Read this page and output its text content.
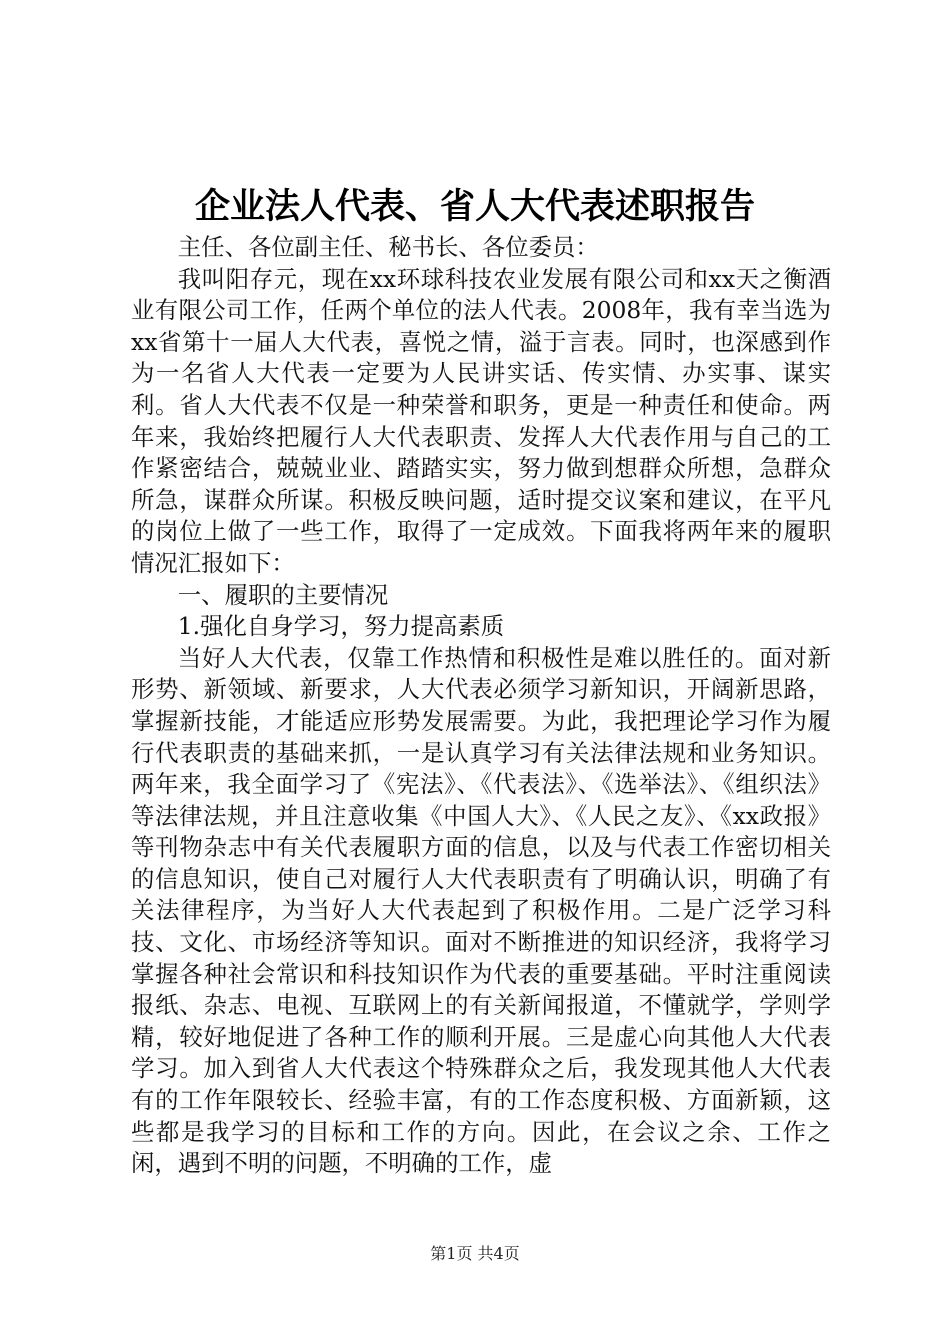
企业法人代表、省人大代表述职报告

主任、各位副主任、秘书长、各位委员：

我叫阳存元，现在xx环球科技农业发展有限公司和xx天之衡酒业有限公司工作，任两个单位的法人代表。2008年，我有幸当选为xx省第十一届人大代表，喜悦之情，溢于言表。同时，也深感到作为一名省人大代表一定要为人民讲实话、传实情、办实事、谋实利。省人大代表不仅是一种荣誉和职务，更是一种责任和使命。两年来，我始终把履行人大代表职责、发挥人大代表作用与自己的工作紧密结合，兢兢业业、踏踏实实，努力做到想群众所想，急群众所急，谋群众所谋。积极反映问题，适时提交议案和建议，在平凡的岗位上做了一些工作，取得了一定成效。下面我将两年来的履职情况汇报如下：

一、履职的主要情况

1.强化自身学习，努力提高素质

当好人大代表，仅靠工作热情和积极性是难以胜任的。面对新形势、新领域、新要求，人大代表必须学习新知识，开阔新思路，掌握新技能，才能适应形势发展需要。为此，我把理论学习作为履行代表职责的基础来抓，一是认真学习有关法律法规和业务知识。两年来，我全面学习了《宪法》、《代表法》、《选举法》、《组织法》等法律法规，并且注意收集《中国人大》、《人民之友》、《xx政报》等刊物杂志中有关代表履职方面的信息，以及与代表工作密切相关的信息知识，使自己对履行人大代表职责有了明确认识，明确了有关法律程序，为当好人大代表起到了积极作用。二是广泛学习科技、文化、市场经济等知识。面对不断推进的知识经济，我将学习掌握各种社会常识和科技知识作为代表的重要基础。平时注重阅读报纸、杂志、电视、互联网上的有关新闻报道，不懂就学，学则学精，较好地促进了各种工作的顺利开展。三是虚心向其他人大代表学习。加入到省人大代表这个特殊群众之后，我发现其他人大代表有的工作年限较长、经验丰富，有的工作态度积极、方面新颖，这些都是我学习的目标和工作的方向。因此，在会议之余、工作之闲，遇到不明的问题，不明确的工作，虚

第1页 共4页
